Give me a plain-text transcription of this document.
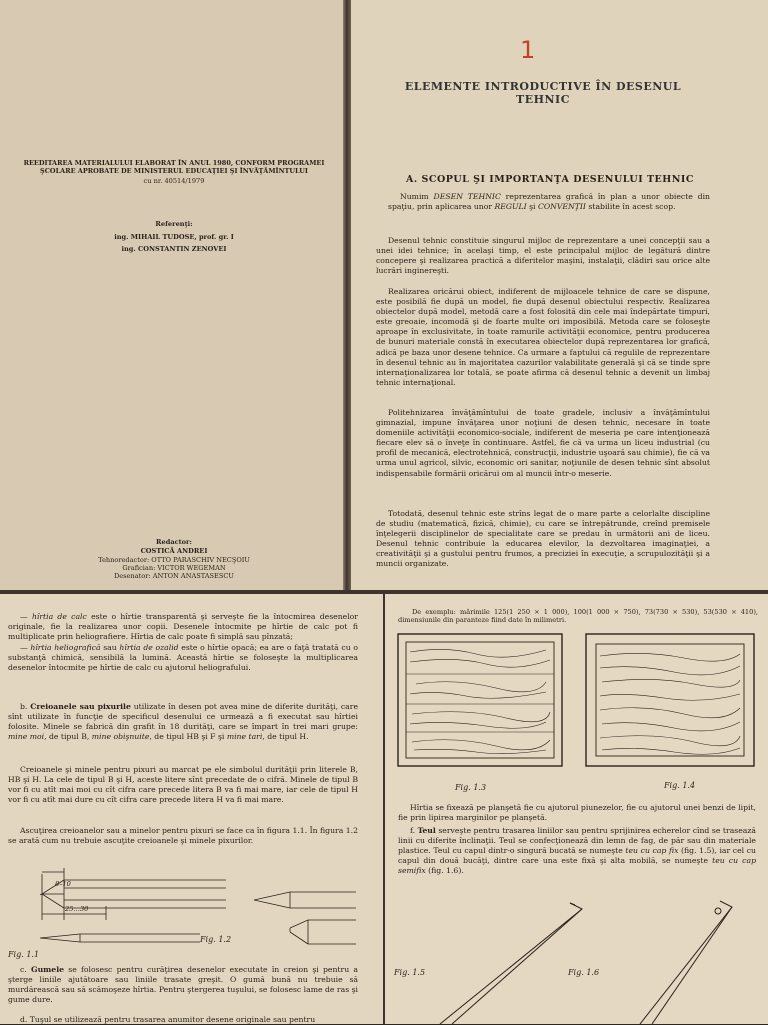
REEDITAREA MATERIALULUI ELABORAT ÎN ANUL 1980, CONFORM PROGRAMEI ŞCOLARE APROBATE DE MINISTERUL EDUCAŢIEI ŞI ÎNVĂŢĂMÎNTULUI
cu nr. 40514/1979
Referenţi:
ing. MIHAIL TUDOSE, prof. gr. I
ing. CONSTANTIN ZENOVEI
Redactor:
COSTICĂ ANDREI
Tehnoredactor: OTTO PARASCHIV NECŞOIU
Grafician: VICTOR WEGEMAN
Desenator: ANTON ANASTASESCU
1
ELEMENTE INTRODUCTIVE ÎN DESENUL TEHNIC
A. SCOPUL ŞI IMPORTANŢA DESENULUI TEHNIC
Numim DESEN TEHNIC reprezentarea grafică în plan a unor obiecte din spaţiu, prin aplicarea unor REGULI şi CONVENŢII stabilite în acest scop.
Desenul tehnic constituie singurul mijloc de reprezentare a unei concepţii sau a unei idei tehnice; în acelaşi timp, el este principalul mijloc de legătură dintre concepere şi realizarea practică a diferitelor maşini, instalaţii, clădiri sau orice alte lucrări inginereşti.
Realizarea oricărui obiect, indiferent de mijloacele tehnice de care se dispune, este posibilă fie după un model, fie după desenul obiectului respectiv. Realizarea obiectelor după model, metodă care a fost folosită din cele mai îndepărtate timpuri, este greoaie, incomodă şi de foarte multe ori imposibilă. Metoda care se foloseşte aproape în exclusivitate, în toate ramurile activităţii economice, pentru producerea de bunuri materiale constă în executarea obiectelor după reprezentarea lor grafică, adică pe baza unor desene tehnice. Ca urmare a faptului că regulile de reprezentare în desenul tehnic au în majoritatea cazurilor valabilitate generală şi că se tinde spre internaţionalizarea lor totală, se poate afirma că desenul tehnic a devenit un limbaj tehnic internaţional.
Politehnizarea învăţămîntului de toate gradele, inclusiv a învăţămîntului gimnazial, impune învăţarea unor noţiuni de desen tehnic, necesare în toate domeniile activităţii economico-sociale, indiferent de meseria pe care intenţionează fiecare elev să o înveţe în continuare. Astfel, fie că va urma un liceu industrial (cu profil de mecanică, electrotehnică, construcţii, industrie uşoară sau chimie), fie că va urma unul agricol, silvic, economic ori sanitar, noţiunile de desen tehnic sînt absolut indispensabile formării oricărui om al muncii într-o meserie.
Totodată, desenul tehnic este strîns legat de o mare parte a celorlalte discipline de studiu (matematică, fizică, chimie), cu care se întrepătrunde, creînd premisele înţelegerii disciplinelor de specialitate care se predau în următorii ani de liceu. Desenul tehnic contribuie la educarea elevilor, la dezvoltarea imaginaţiei, a creativităţii şi a gustului pentru frumos, a preciziei în execuţie, a scrupulozităţii şi a muncii organizate.
— hîrtia de calc este o hîrtie transparentă şi serveşte fie la întocmirea desenelor originale, fie la realizarea unor copii. Desenele întocmite pe hîrtie de calc pot fi multiplicate prin heliografiere. Hîrtia de calc poate fi simplă sau pînzată;
— hîrtia heliografică sau hîrtia de ozalid este o hîrtie opacă; ea are o faţă tratată cu o substanţă chimică, sensibilă la lumină. Această hîrtie se foloseşte la multiplicarea desenelor întocmite pe hîrtie de calc cu ajutorul heliografului.
b. Creioanele sau pixurile utilizate în desen pot avea mine de diferite durităţi, care sînt utilizate în funcţie de specificul desenului ce urmează a fi executat sau hîrtiei folosite. Minele se fabrică din grafit în 18 durităţi, care se împart în trei mari grupe: mine moi, de tipul B, mine obişnuite, de tipul HB şi F şi mine tari, de tipul H.
Creioanele şi minele pentru pixuri au marcat pe ele simbolul durităţii prin literele B, HB şi H. La cele de tipul B şi H, aceste litere sînt precedate de o cifră. Minele de tipul B vor fi cu atît mai moi cu cît cifra care precede litera B va fi mai mare, iar cele de tipul H vor fi cu atît mai dure cu cît cifra care precede litera H va fi mai mare.
Ascuţirea creioanelor sau a minelor pentru pixuri se face ca în figura 1.1. În figura 1.2 se arată cum nu trebuie ascuţite creioanele şi minele pixurilor.
8–10
25…30
Fig. 1.2
Fig. 1.1
c. Gumele se folosesc pentru curăţirea desenelor executate în creion şi pentru a şterge liniile ajutătoare sau liniile trasate greşit. O gumă bună nu trebuie să murdărească sau să scămoşeze hîrtia. Pentru ştergerea tuşului, se folosesc lame de ras şi gume dure.
d. Tuşul se utilizează pentru trasarea anumitor desene originale sau pentru
De exemplu: mărimile 125(1 250 × 1 000), 100(1 000 × 750), 73(730 × 530), 53(530 × 410), dimensiunile din paranteze fiind date în milimetri.
Fig. 1.3	Fig. 1.4
Hîrtia se fixează pe planşetă fie cu ajutorul piunezelor, fie cu ajutorul unei benzi de lipit, fie prin lipirea marginilor pe planşetă.
f. Teul serveşte pentru trasarea liniilor sau pentru sprijinirea echerelor cînd se trasează linii cu diferite înclinaţii. Teul se confecţionează din lemn de fag, de păr sau din materiale plastice. Teul cu capul dintr-o singură bucată se numeşte teu cu cap fix (fig. 1.5), iar cel cu capul din două bucăţi, dintre care una este fixă şi alta mobilă, se numeşte teu cu cap semifix (fig. 1.6).
Fig. 1.5	Fig. 1.6
